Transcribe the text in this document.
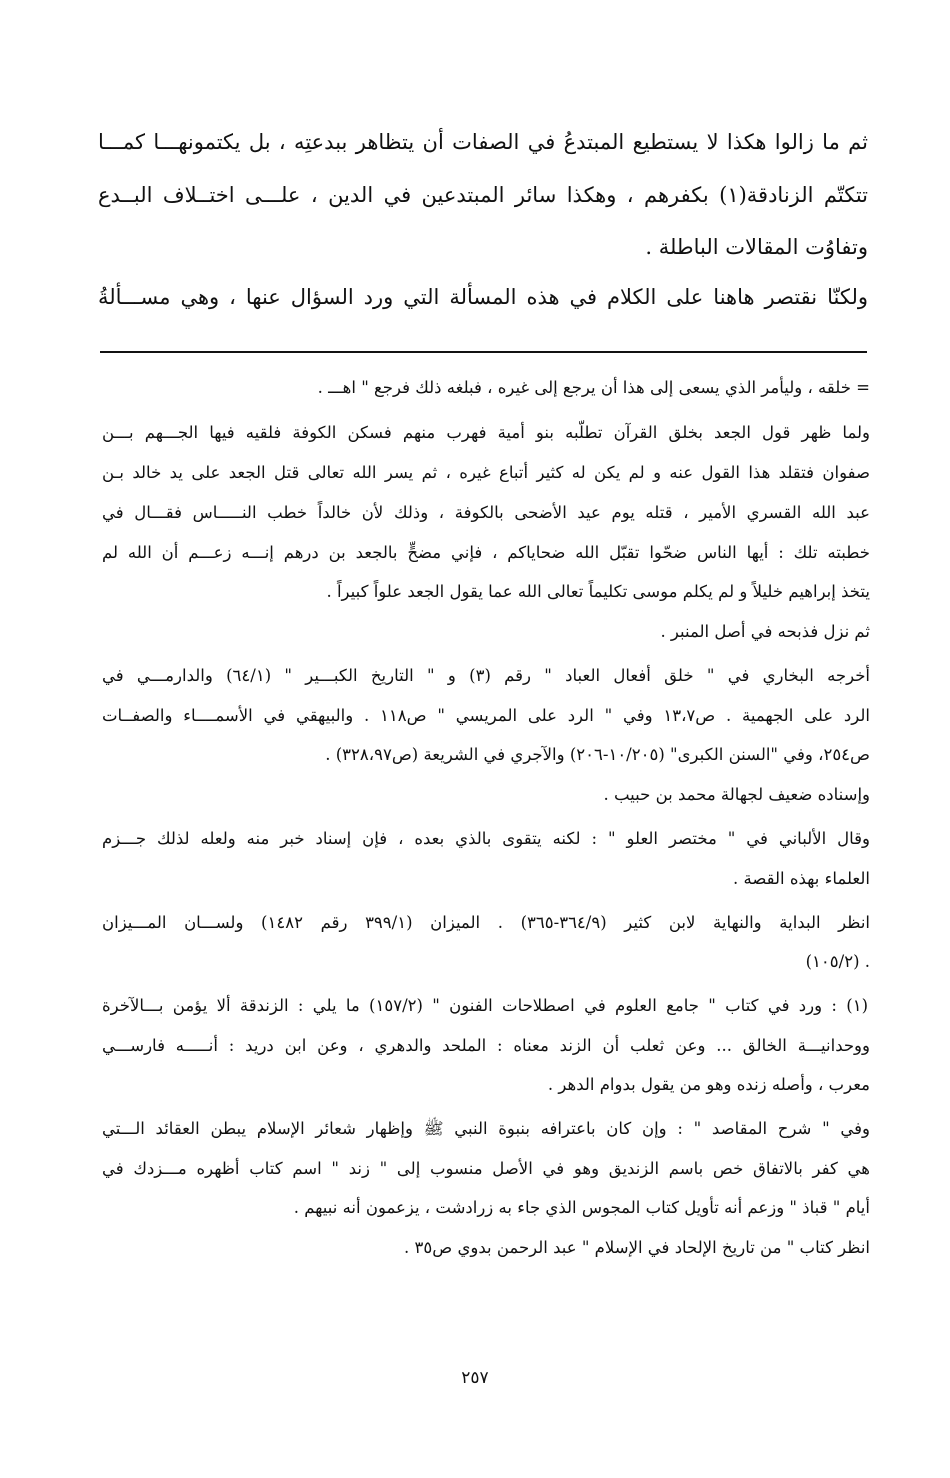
ثم ما زالوا هكذا لا يستطيع المبتدعُ في الصفات أن يتظاهر ببدعتِه ، بل يكتمونهـــا كمـــا
تتكتّم الزنادقة(١) بكفرهم ، وهكذا سائر المبتدعين في الدين ، علـــى اختــلاف البــدع
وتفاوُت المقالات الباطلة .
ولكنّا نقتصر هاهنا على الكلام في هذه المسألة التي ورد السؤال عنها ، وهي مســـألةُ
= خلقه ، وليأمر الذي يسعى إلى هذا أن يرجع إلى غيره ، فبلغه ذلك فرجع " اهـــ .
ولما ظهر قول الجعد بخلق القرآن تطلّبه بنو أمية فهرب منهم فسكن الكوفة فلقيه فيها الجـــهم بـــن
صفوان فتقلد هذا القول عنه و لم يكن له كثير أتباع غيره ، ثم يسر الله تعالى قتل الجعد على يد خالد بـن
عبد الله القسري الأمير ، قتله يوم عيد الأضحى بالكوفة ، وذلك لأن خالداً خطب النـــــاس فقـــال في
خطبته تلك : أيها الناس ضحّوا تقبّل الله ضحاياكم ، فإني مضحٍّ بالجعد بن درهم إنـــه زعـــم أن الله لم
يتخذ إبراهيم خليلاً و لم يكلم موسى تكليماً تعالى الله عما يقول الجعد علواً كبيراً .
ثم نزل فذبحه في أصل المنبر .
أخرجه البخاري في " خلق أفعال العباد " رقم (٣) و " التاريخ الكبـــير " (٦٤/١) والدارمـــي في
الرد على الجهمية . ص١٣،٧ وفي " الرد على المريسي " ص١١٨ . والبيهقي في الأسمــــاء والصفــات
ص٢٥٤، وفي "السنن الكبرى" (١٠/٢٠٥-٢٠٦) والآجري في الشريعة (ص٣٢٨،٩٧) .
وإسناده ضعيف لجهالة محمد بن حبيب .
وقال الألباني في " مختصر العلو " : لكنه يتقوى بالذي بعده ، فإن إسناد خبر منه ولعله لذلك جـــزم
العلماء بهذه القصة .
انظر البداية والنهاية لابن كثير (٣٦٤/٩-٣٦٥) . الميزان (٣٩٩/١ رقم ١٤٨٢) ولســـان المـــيزان
. (١٠٥/٢)
(١) : ورد في كتاب " جامع العلوم في اصطلاحات الفنون " (١٥٧/٢) ما يلي : الزندقة ألا يؤمن بـــالآخرة
ووحدانيـــة الخالق ... وعن ثعلب أن الزند معناه : الملحد والدهري ، وعن ابن دريد : أنـــــه فارســـي
معرب ، وأصله زنده وهو من يقول بدوام الدهر .
وفي " شرح المقاصد " : وإن كان باعترافه بنبوة النبي ﷺ وإظهار شعائر الإسلام يبطن العقائد الـــتي
هي كفر بالاتفاق خص باسم الزنديق وهو في الأصل منسوب إلى " زند " اسم كتاب أظهره مـــزدك في
أيام " قباذ " وزعم أنه تأويل كتاب المجوس الذي جاء به زرادشت ، يزعمون أنه نبيهم .
انظر كتاب " من تاريخ الإلحاد في الإسلام " عبد الرحمن بدوي ص٣٥ .
٢٥٧
